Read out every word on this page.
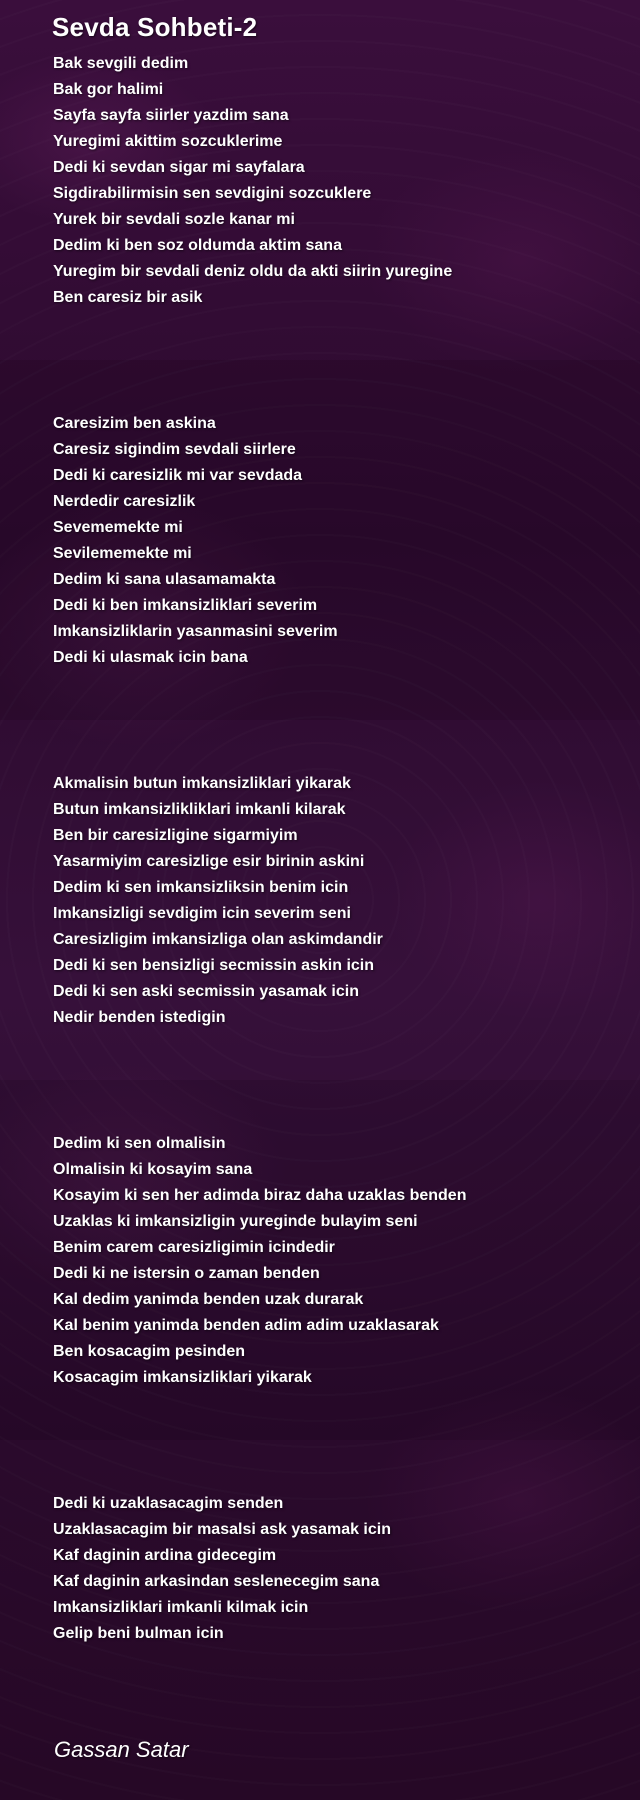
Sevda Sohbeti-2
Bak sevgili dedim
Bak gor halimi
Sayfa sayfa siirler yazdim sana
Yuregimi akittim sozcuklerime
Dedi ki sevdan sigar mi sayfalara
Sigdirabilirmisin sen sevdigini sozcuklere
Yurek bir sevdali sozle kanar mi
Dedim ki ben soz oldumda aktim sana
Yuregim bir sevdali deniz oldu da akti siirin yuregine
Ben caresiz bir asik
Caresizim ben askina
Caresiz sigindim sevdali siirlere
Dedi ki caresizlik mi var sevdada
Nerdedir caresizlik
Sevememekte mi
Sevilememekte mi
Dedim ki sana ulasamamakta
Dedi ki ben imkansizliklari severim
Imkansizliklarin yasanmasini severim
Dedi ki ulasmak icin bana
Akmalisin butun imkansizliklari yikarak
Butun imkansizlikliklari imkanli kilarak
Ben bir caresizligine sigarmiyim
Yasarmiyim caresizlige esir birinin askini
Dedim ki sen imkansizliksin benim icin
Imkansizligi sevdigim icin severim seni
Caresizligim imkansizliga olan askimdandir
Dedi ki sen bensizligi secmissin askin icin
Dedi ki sen aski secmissin yasamak icin
Nedir benden istedigin
Dedim ki sen olmalisin
Olmalisin ki kosayim sana
Kosayim ki sen her adimda biraz daha uzaklas benden
Uzaklas ki imkansizligin yureginde bulayim seni
Benim carem caresizligimin icindedir
Dedi ki ne istersin o zaman benden
Kal dedim yanimda benden uzak durarak
Kal benim yanimda benden adim adim uzaklasarak
Ben kosacagim pesinden
Kosacagim imkansizliklari yikarak
Dedi ki uzaklasacagim senden
Uzaklasacagim bir masalsi ask yasamak icin
Kaf daginin ardina gidecegim
Kaf daginin arkasindan seslenecegim sana
Imkansizliklari imkanli kilmak icin
Gelip beni bulman icin
Gassan Satar
